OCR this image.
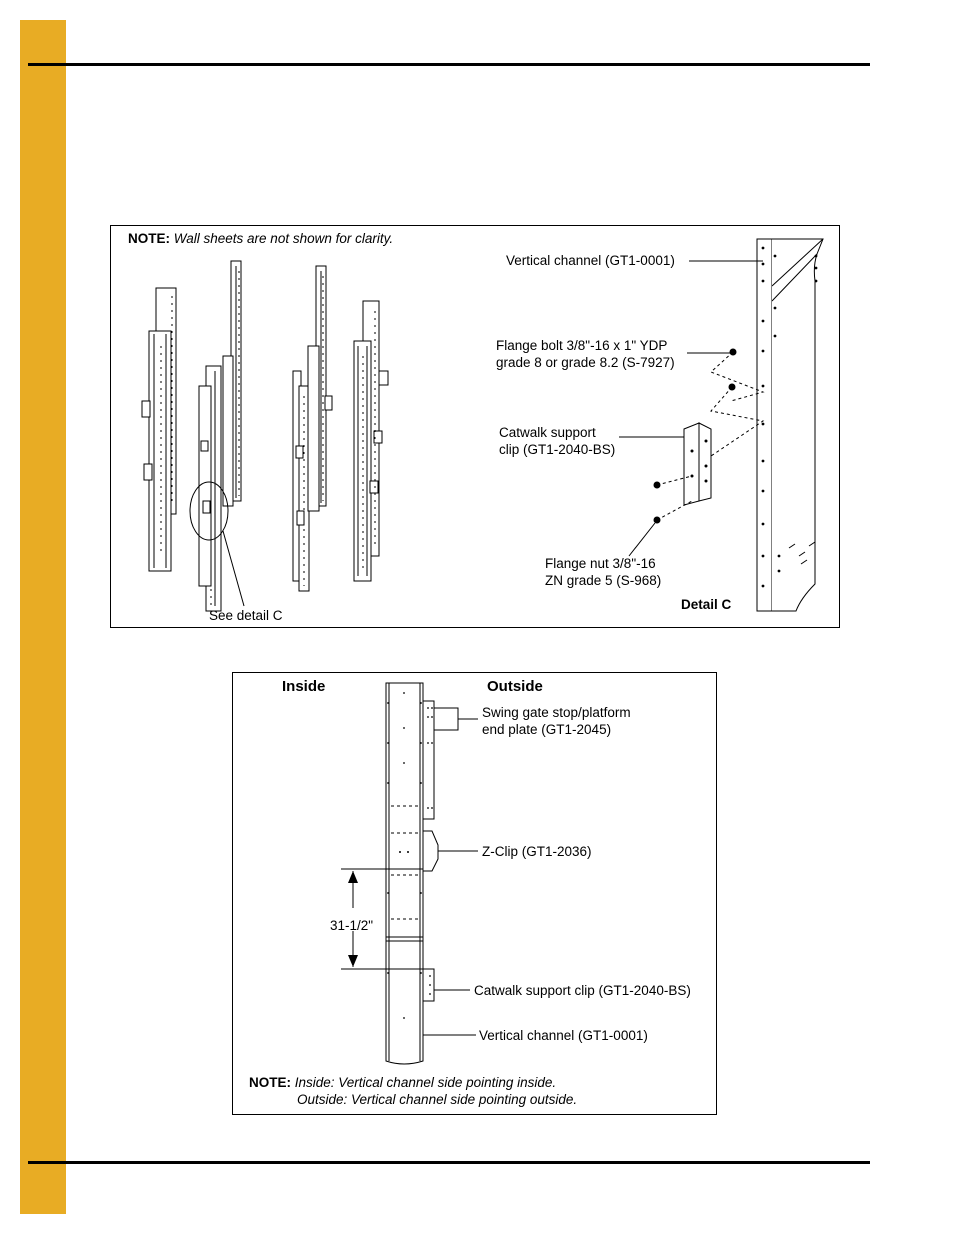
NOTE: Wall sheets are not shown for clarity.
Vertical channel (GT1-0001)
Flange bolt 3/8"-16 x 1" YDP
grade 8 or grade 8.2 (S-7927)
Catwalk support
clip (GT1-2040-BS)
Flange nut 3/8"-16
ZN grade 5 (S-968)
See detail C
Detail C
Inside	Outside
Swing gate stop/platform
end plate (GT1-2045)
Z-Clip (GT1-2036)
31-1/2"
Catwalk support clip (GT1-2040-BS)
Vertical channel (GT1-0001)
NOTE: Inside: Vertical channel side pointing inside.
Outside: Vertical channel side pointing outside.
